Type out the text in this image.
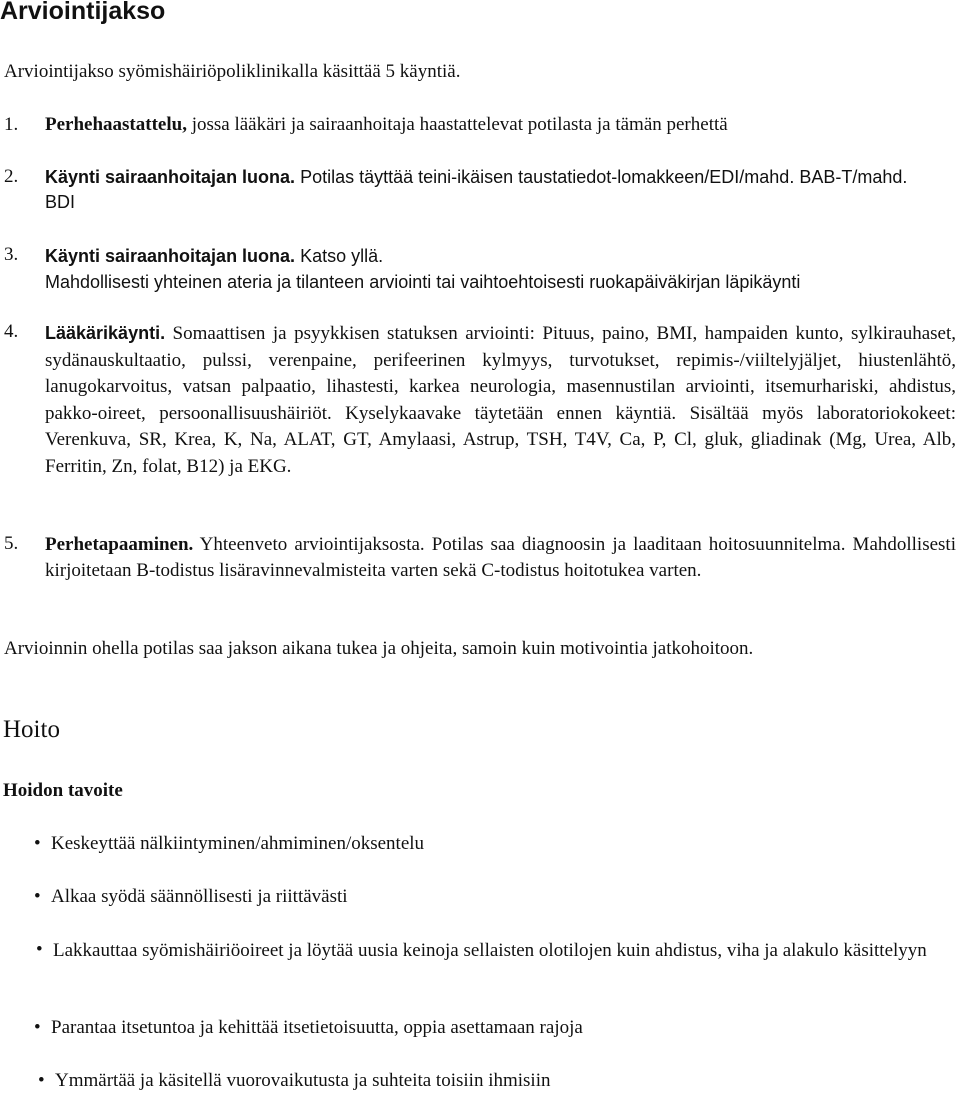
Arviointijakso
Arviointijakso syömishäiriöpoliklinikalla käsittää 5 käyntiä.
1.	Perhehaastattelu, jossa lääkäri ja sairaanhoitaja haastattelevat potilasta ja tämän perhettä
2.	Käynti sairaanhoitajan luona. Potilas täyttää teini-ikäisen taustatiedot-lomakkeen/EDI/mahd. BAB-T/mahd. BDI
3.	Käynti sairaanhoitajan luona. Katso yllä.
Mahdollisesti yhteinen ateria ja tilanteen arviointi tai vaihtoehtoisesti ruokapäiväkirjan läpikäynti
4.	Lääkärikäynti. Somaattisen ja psyykkisen statuksen arviointi: Pituus, paino, BMI, hampaiden kunto, sylkirauhaset, sydänauskultaatio, pulssi, verenpaine, perifeerinen kylmyys, turvotukset, repimis-/viiltelyjäljet, hiustenlähtö, lanugokarvoitus, vatsan palpaatio, lihastesti, karkea neurologia, masennustilan arviointi, itsemurhariski, ahdistus, pakko-oireet, persoonallisuushäiriöt. Kyselykaavake täytetään ennen käyntiä. Sisältää myös laboratoriokokeet: Verenkuva, SR, Krea, K, Na, ALAT, GT, Amylaasi, Astrup, TSH, T4V, Ca, P, Cl, gluk, gliadinak (Mg, Urea, Alb, Ferritin, Zn, folat, B12) ja EKG.
5.	Perhetapaaminen. Yhteenveto arviointijaksosta. Potilas saa diagnoosin ja laaditaan hoitosuunnitelma. Mahdollisesti kirjoitetaan B-todistus lisäravinnevalmisteita varten sekä C-todistus hoitotukea varten.
Arvioinnin ohella potilas saa jakson aikana tukea ja ohjeita, samoin kuin motivointia jatkohoitoon.
Hoito
Hoidon tavoite
• Keskeyttää nälkiintyminen/ahmiminen/oksentelu
• Alkaa syödä säännöllisesti ja riittävästi
• Lakkauttaa syömishäiriöoireet ja löytää uusia keinoja sellaisten olotilojen kuin ahdistus, viha ja alakulo käsittelyyn
• Parantaa itsetuntoa ja kehittää itsetietoisuutta, oppia asettamaan rajoja
• Ymmärtää ja käsitellä vuorovaikutusta ja suhteita toisiin ihmisiin
